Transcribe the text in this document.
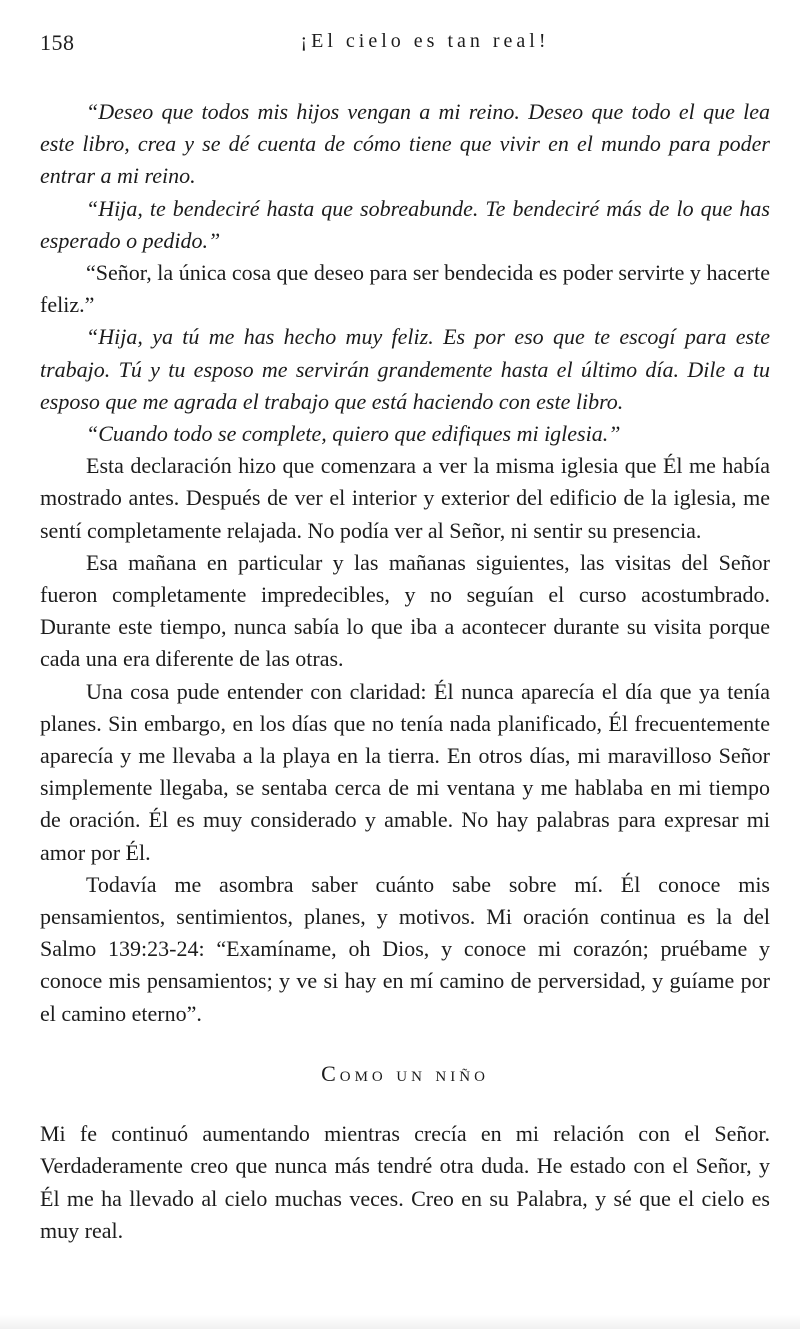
158	¡El cielo es tan real!

“Deseo que todos mis hijos vengan a mi reino. Deseo que todo el que lea este libro, crea y se dé cuenta de cómo tiene que vivir en el mundo para poder entrar a mi reino.

“Hija, te bendeciré hasta que sobreabunde. Te bendeciré más de lo que has esperado o pedido.”

“Señor, la única cosa que deseo para ser bendecida es poder servirte y hacerte feliz.”

“Hija, ya tú me has hecho muy feliz. Es por eso que te escogí para este trabajo. Tú y tu esposo me servirán grandemente hasta el último día. Dile a tu esposo que me agrada el trabajo que está haciendo con este libro.

“Cuando todo se complete, quiero que edifiques mi iglesia.”

Esta declaración hizo que comenzara a ver la misma iglesia que Él me había mostrado antes. Después de ver el interior y exterior del edificio de la iglesia, me sentí completamente relajada. No podía ver al Señor, ni sentir su presencia.

Esa mañana en particular y las mañanas siguientes, las visitas del Señor fueron completamente impredecibles, y no seguían el curso acostumbrado. Durante este tiempo, nunca sabía lo que iba a acontecer durante su visita porque cada una era diferente de las otras.

Una cosa pude entender con claridad: Él nunca aparecía el día que ya tenía planes. Sin embargo, en los días que no tenía nada planificado, Él frecuentemente aparecía y me llevaba a la playa en la tierra. En otros días, mi maravilloso Señor simplemente llegaba, se sentaba cerca de mi ventana y me hablaba en mi tiempo de oración. Él es muy considerado y amable. No hay palabras para expresar mi amor por Él.

Todavía me asombra saber cuánto sabe sobre mí. Él conoce mis pensamientos, sentimientos, planes, y motivos. Mi oración continua es la del Salmo 139:23-24: “Examíname, oh Dios, y conoce mi corazón; pruébame y conoce mis pensamientos; y ve si hay en mí camino de perversidad, y guíame por el camino eterno”.

Como un niño

Mi fe continuó aumentando mientras crecía en mi relación con el Señor. Verdaderamente creo que nunca más tendré otra duda. He estado con el Señor, y Él me ha llevado al cielo muchas veces. Creo en su Palabra, y sé que el cielo es muy real.
